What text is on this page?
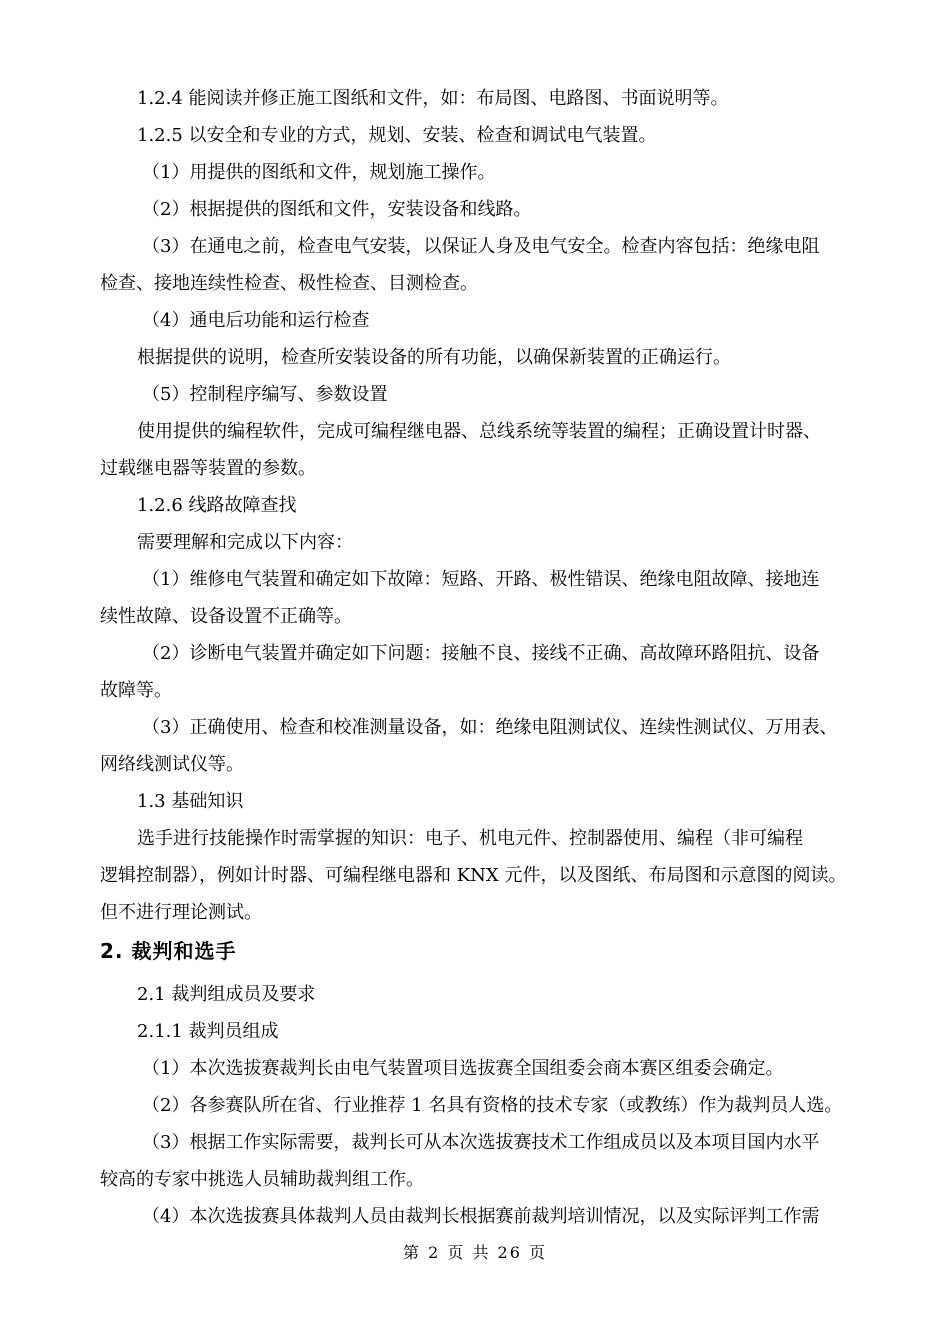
1.2.4 能阅读并修正施工图纸和文件，如：布局图、电路图、书面说明等。

1.2.5 以安全和专业的方式，规划、安装、检查和调试电气装置。

（1）用提供的图纸和文件，规划施工操作。

（2）根据提供的图纸和文件，安装设备和线路。

（3）在通电之前，检查电气安装，以保证人身及电气安全。检查内容包括：绝缘电阻

检查、接地连续性检查、极性检查、目测检查。

（4）通电后功能和运行检查

根据提供的说明，检查所安装设备的所有功能，以确保新装置的正确运行。

（5）控制程序编写、参数设置

使用提供的编程软件，完成可编程继电器、总线系统等装置的编程；正确设置计时器、

过载继电器等装置的参数。

1.2.6 线路故障查找

需要理解和完成以下内容：

（1）维修电气装置和确定如下故障：短路、开路、极性错误、绝缘电阻故障、接地连

续性故障、设备设置不正确等。

（2）诊断电气装置并确定如下问题：接触不良、接线不正确、高故障环路阻抗、设备

故障等。

（3）正确使用、检查和校准测量设备，如：绝缘电阻测试仪、连续性测试仪、万用表、

网络线测试仪等。

1.3 基础知识

选手进行技能操作时需掌握的知识：电子、机电元件、控制器使用、编程（非可编程

逻辑控制器），例如计时器、可编程继电器和 KNX 元件，以及图纸、布局图和示意图的阅读。

但不进行理论测试。

2. 裁判和选手

2.1 裁判组成员及要求

2.1.1 裁判员组成

（1）本次选拔赛裁判长由电气装置项目选拔赛全国组委会商本赛区组委会确定。

（2）各参赛队所在省、行业推荐 1 名具有资格的技术专家（或教练）作为裁判员人选。

（3）根据工作实际需要，裁判长可从本次选拔赛技术工作组成员以及本项目国内水平

较高的专家中挑选人员辅助裁判组工作。

（4）本次选拔赛具体裁判人员由裁判长根据赛前裁判培训情况，以及实际评判工作需

第 2 页 共 26 页
